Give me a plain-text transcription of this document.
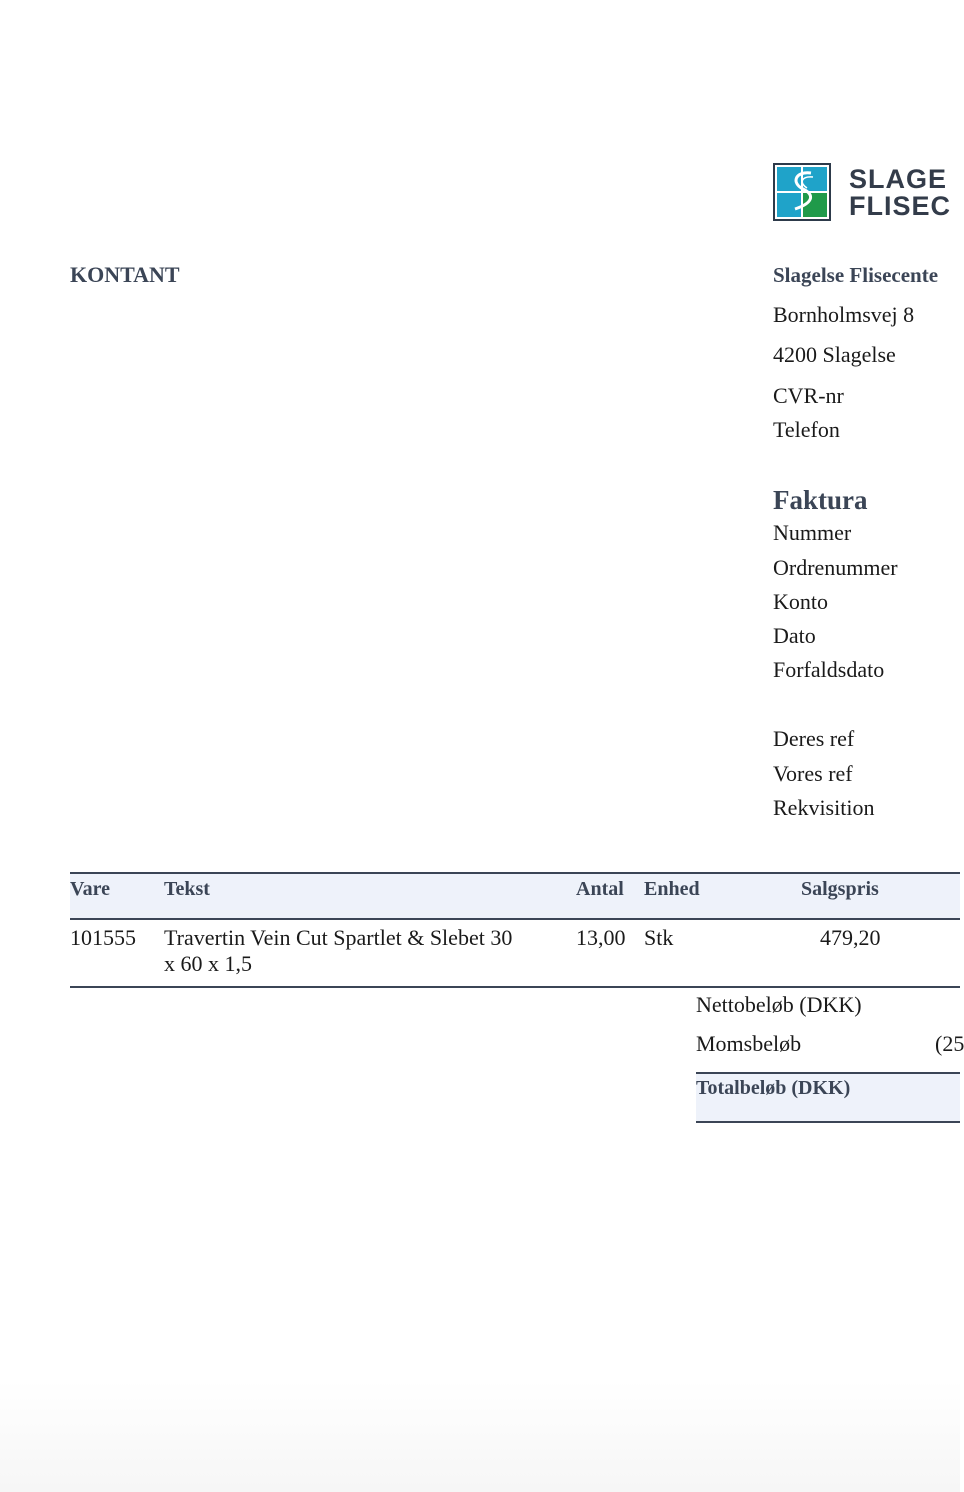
SLAGE
FLISEC
KONTANT	Slagelse Flisecente
Bornholmsvej 8
4200 Slagelse
CVR-nr
Telefon
Faktura
Nummer
Ordrenummer
Konto
Dato
Forfaldsdato
Deres ref
Vores ref
Rekvisition
Vare	Tekst	Antal Enhed	Salgspris
101555 Travertin Vein Cut Spartlet & Slebet 30
x 60 x 1,5
13,00 Stk	479,20
Nettobeløb (DKK)
Momsbeløb	(25
Totalbeløb (DKK)
